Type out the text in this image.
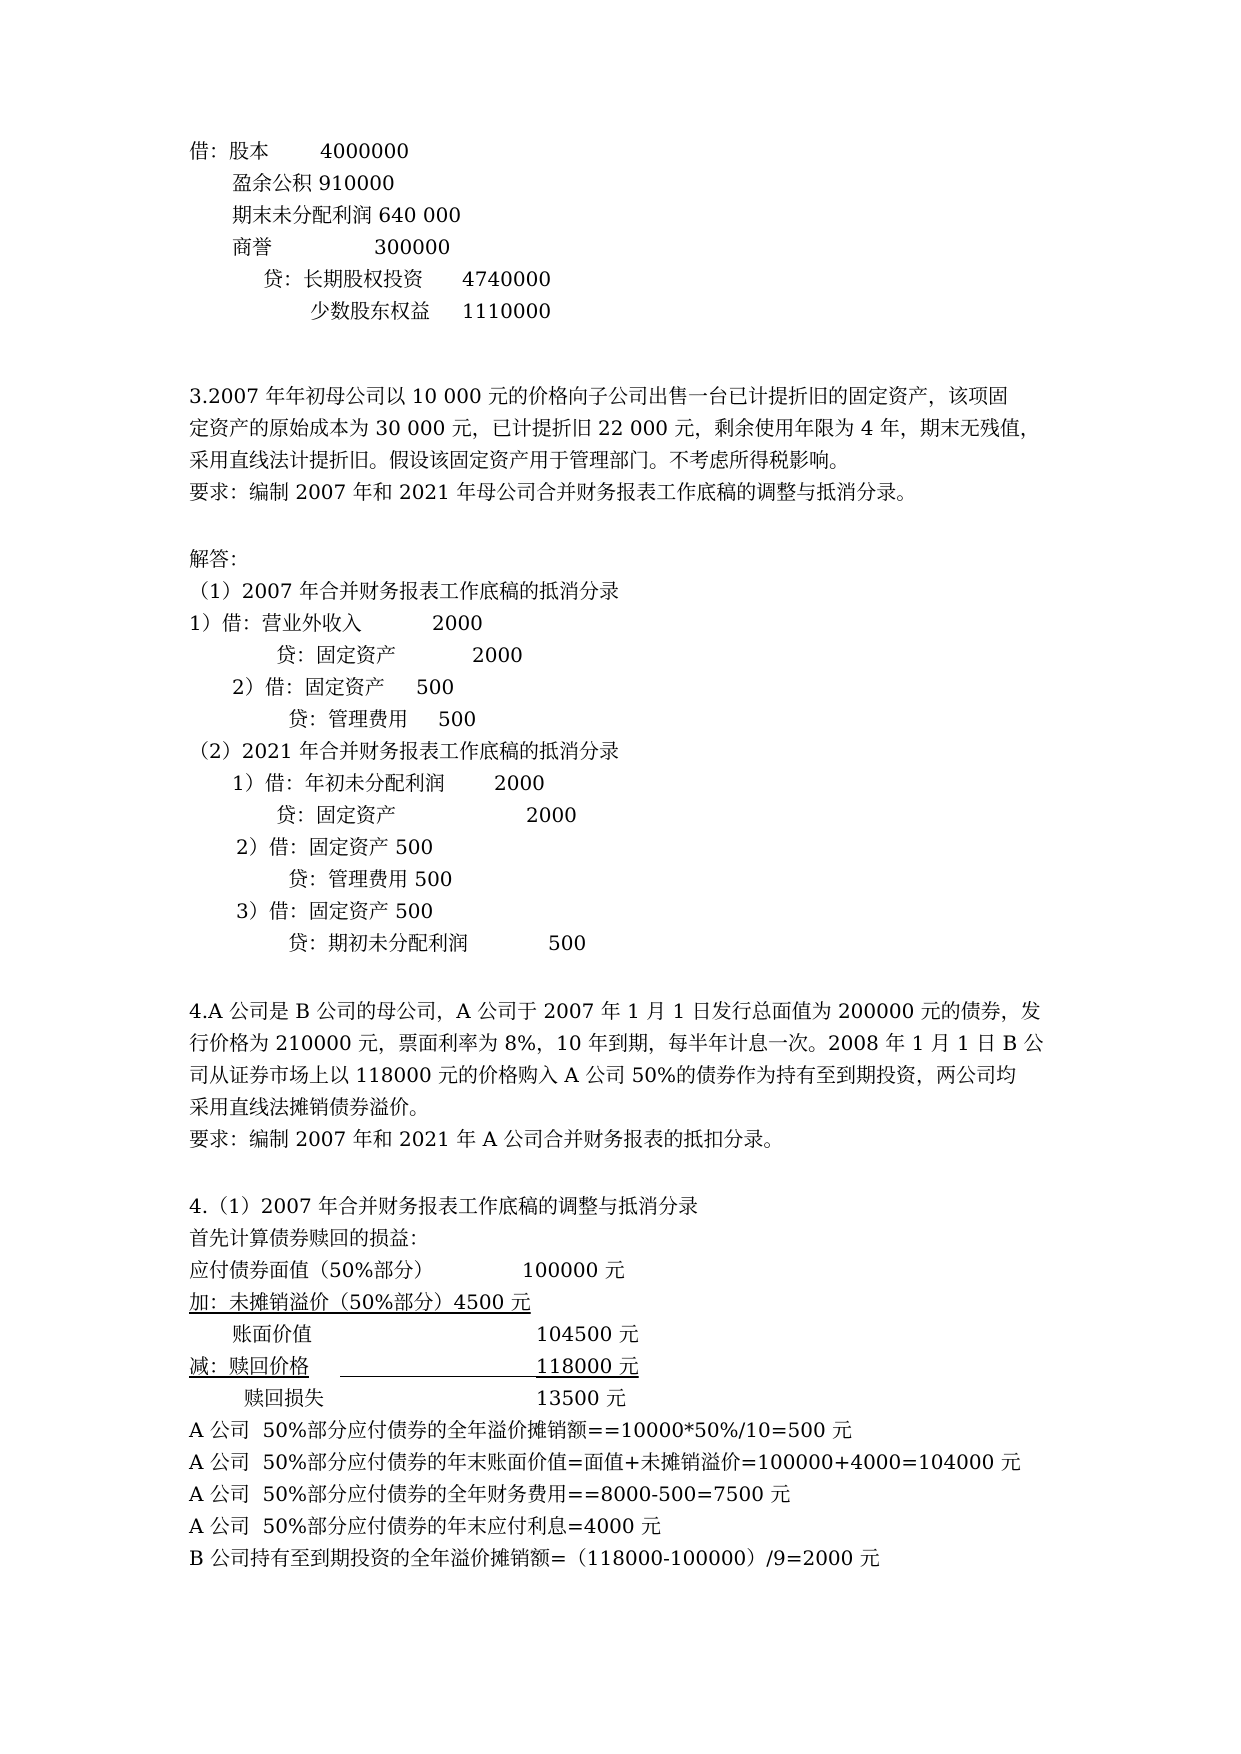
借：股本	4000000
盈余公积 910000
期末未分配利润 640 000
商誉	300000
贷：长期股权投资 4740000
少数股东权益 1110000
3.2007 年年初母公司以 10 000 元的价格向子公司出售一台已计提折旧的固定资产，该项固
定资产的原始成本为 30 000 元，已计提折旧 22 000 元，剩余使用年限为 4 年，期末无残值，
采用直线法计提折旧。假设该固定资产用于管理部门。不考虑所得税影响。
要求：编制 2007 年和 2021 年母公司合并财务报表工作底稿的调整与抵消分录。
解答：
（1）2007 年合并财务报表工作底稿的抵消分录
1）借：营业外收入	2000
贷：固定资产	2000
2）借：固定资产 500
贷：管理费用 500
（2）2021 年合并财务报表工作底稿的抵消分录
1）借：年初未分配利润 2000
贷：固定资产	2000
2）借：固定资产 500
贷：管理费用 500
3）借：固定资产 500
贷：期初未分配利润	500
4.A 公司是 B 公司的母公司，A 公司于 2007 年 1 月 1 日发行总面值为 200000 元的债券，发
行价格为 210000 元，票面利率为 8%，10 年到期，每半年计息一次。2008 年 1 月 1 日 B 公
司从证券市场上以 118000 元的价格购入 A 公司 50%的债券作为持有至到期投资，两公司均
采用直线法摊销债券溢价。
要求：编制 2007 年和 2021 年 A 公司合并财务报表的抵扣分录。
4.（1）2007 年合并财务报表工作底稿的调整与抵消分录
首先计算债券赎回的损益：
应付债券面值（50%部分）	100000 元
加：未摊销溢价（50%部分）4500 元
账面价值	104500 元
减：赎回价格	118000 元
赎回损失	13500 元
A 公司  50%部分应付债券的全年溢价摊销额==10000*50%/10=500 元
A 公司  50%部分应付债券的年末账面价值=面值+未摊销溢价=100000+4000=104000 元
A 公司  50%部分应付债券的全年财务费用==8000-500=7500 元
A 公司  50%部分应付债券的年末应付利息=4000 元
B 公司持有至到期投资的全年溢价摊销额=（118000-100000）/9=2000 元
